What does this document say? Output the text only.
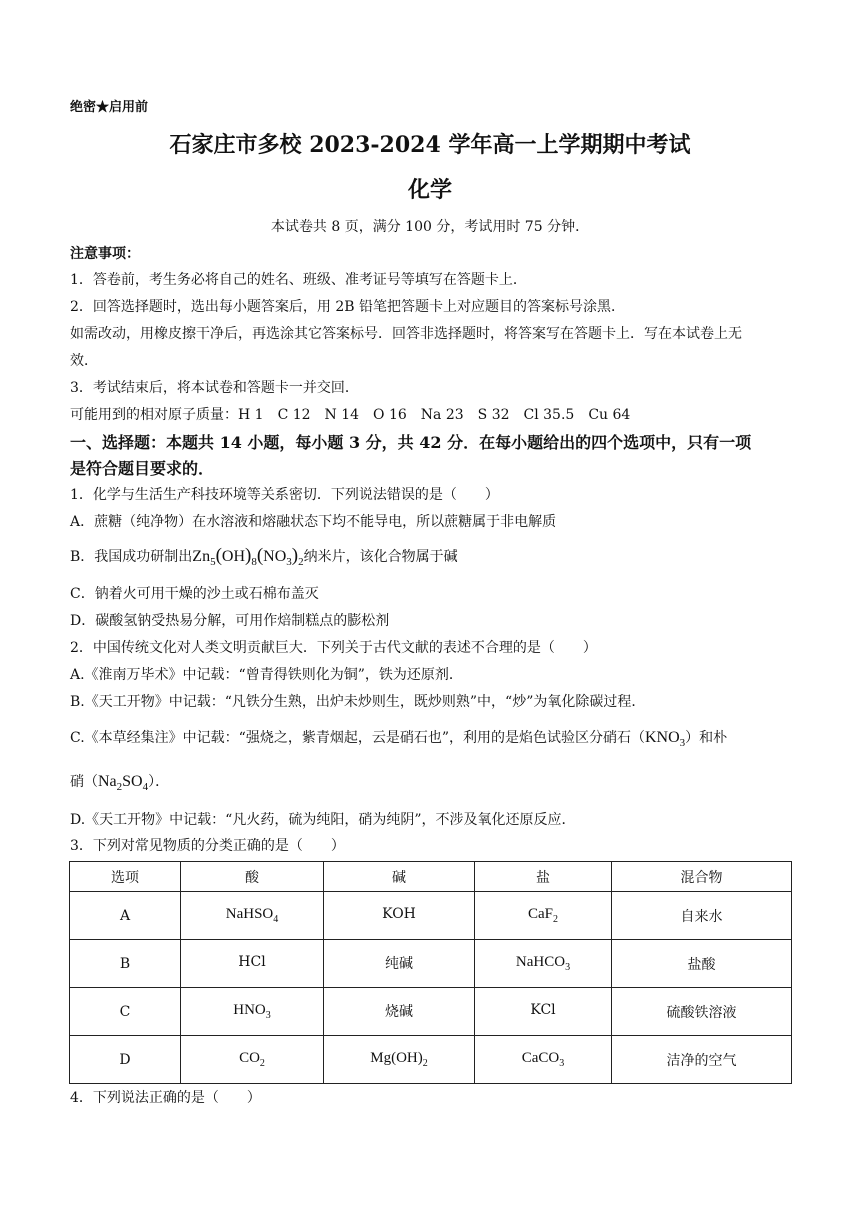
绝密★启用前
石家庄市多校 2023-2024 学年高一上学期期中考试
化学
本试卷共 8 页，满分 100 分，考试用时 75 分钟．
注意事项：
1．答卷前，考生务必将自己的姓名、班级、准考证号等填写在答题卡上．
2．回答选择题时，选出每小题答案后，用 2B 铅笔把答题卡上对应题目的答案标号涂黑．
如需改动，用橡皮擦干净后，再选涂其它答案标号．回答非选择题时，将答案写在答题卡上．写在本试卷上无
效．
3．考试结束后，将本试卷和答题卡一并交回．
可能用到的相对原子质量：H 1　C 12　N 14　O 16　Na 23　S 32　Cl 35.5　Cu 64
一、选择题：本题共 14 小题，每小题 3 分，共 42 分．在每小题给出的四个选项中，只有一项
是符合题目要求的．
1．化学与生活生产科技环境等关系密切．下列说法错误的是（　　）
A．蔗糖（纯净物）在水溶液和熔融状态下均不能导电，所以蔗糖属于非电解质
B．我国成功研制出$Zn_5(OH)_8(NO_3)_2$纳米片，该化合物属于碱
C．钠着火可用干燥的沙土或石棉布盖灭
D．碳酸氢钠受热易分解，可用作焙制糕点的膨松剂
2．中国传统文化对人类文明贡献巨大．下列关于古代文献的表述不合理的是（　　）
A.《淮南万毕术》中记载：“曾青得铁则化为铜”，铁为还原剂．
B.《天工开物》中记载：“凡铁分生熟，出炉未炒则生，既炒则熟”中，“炒”为氧化除碳过程．
C.《本草经集注》中记载：“强烧之，紫青烟起，云是硝石也”，利用的是焰色试验区分硝石$(KNO_3)$和朴
硝$(Na_2SO_4)$．
D.《天工开物》中记载：“凡火药，硫为纯阳，硝为纯阴”，不涉及氧化还原反应．
3．下列对常见物质的分类正确的是（　　）
选项	酸	碱	盐	混合物
A	NaHSO$_4$	KOH	CaF$_2$	自来水
B	HCl	纯碱	NaHCO$_3$	盐酸
C	$HNO_3$	烧碱	KCl	硫酸铁溶液
D	$CO_2$	$Mg(OH)_2$	CaCO$_3$	洁净的空气
4．下列说法正确的是（　　）
